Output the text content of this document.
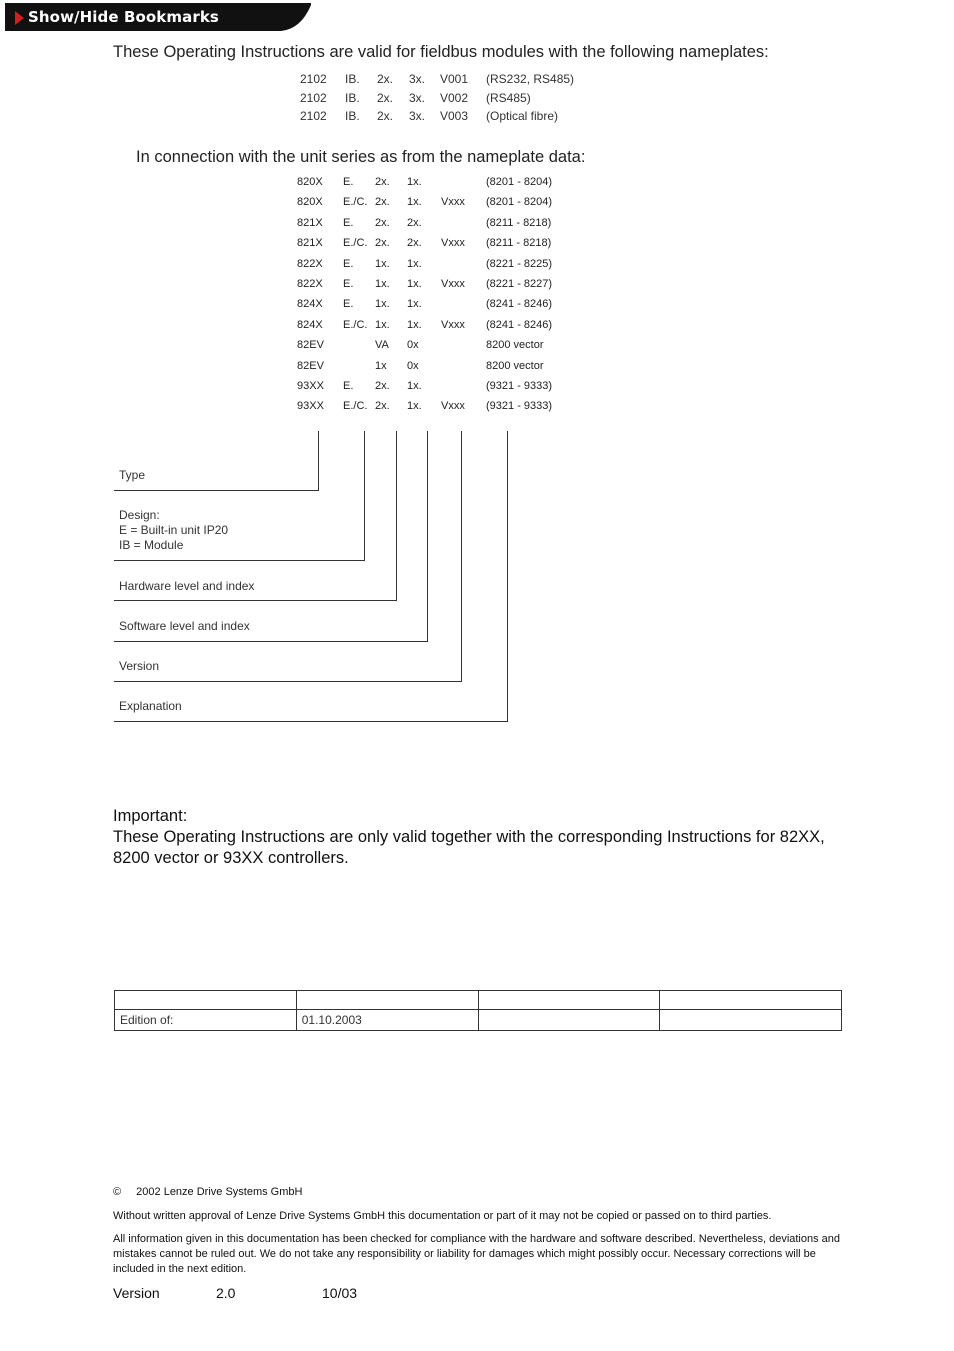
Show/Hide Bookmarks
These Operating Instructions are valid for fieldbus modules with the following nameplates:
2102 IB. 2x. 3x. V001 (RS232, RS485)
2102 IB. 2x. 3x. V002 (RS485)
2102 IB. 2x. 3x. V003 (Optical fibre)
In connection with the unit series as from the nameplate data:
820X E. 2x. 1x.	(8201 - 8204)
820X E./C. 2x. 1x. Vxxx (8201 - 8204)
821X E. 2x. 2x.	(8211 - 8218)
821X E./C. 2x. 2x. Vxxx (8211 - 8218)
822X E. 1x. 1x.	(8221 - 8225)
822X E. 1x. 1x. Vxxx (8221 - 8227)
824X E. 1x. 1x.	(8241 - 8246)
824X E./C. 1x. 1x. Vxxx (8241 - 8246)
82EV	VA 0x	8200 vector
82EV	1x 0x	8200 vector
93XX E. 2x. 1x.	(9321 - 9333)
93XX E./C. 2x. 1x. Vxxx (9321 - 9333)
Type
Design:
E = Built-in unit IP20
IB = Module
Hardware level and index
Software level and index
Version
Explanation
Important:
These Operating Instructions are only valid together with the corresponding Instructions for 82XX, 8200 vector or 93XX controllers.

Edition of:	01.10.2003		
© 2002 Lenze Drive Systems GmbH
Without written approval of Lenze Drive Systems GmbH this documentation or part of it may not be copied or passed on to third parties.
All information given in this documentation has been checked for compliance with the hardware and software described. Nevertheless, deviations and mistakes cannot be ruled out. We do not take any responsibility or liability for damages which might possibly occur. Necessary corrections will be included in the next edition.
Version	2.0	10/03
